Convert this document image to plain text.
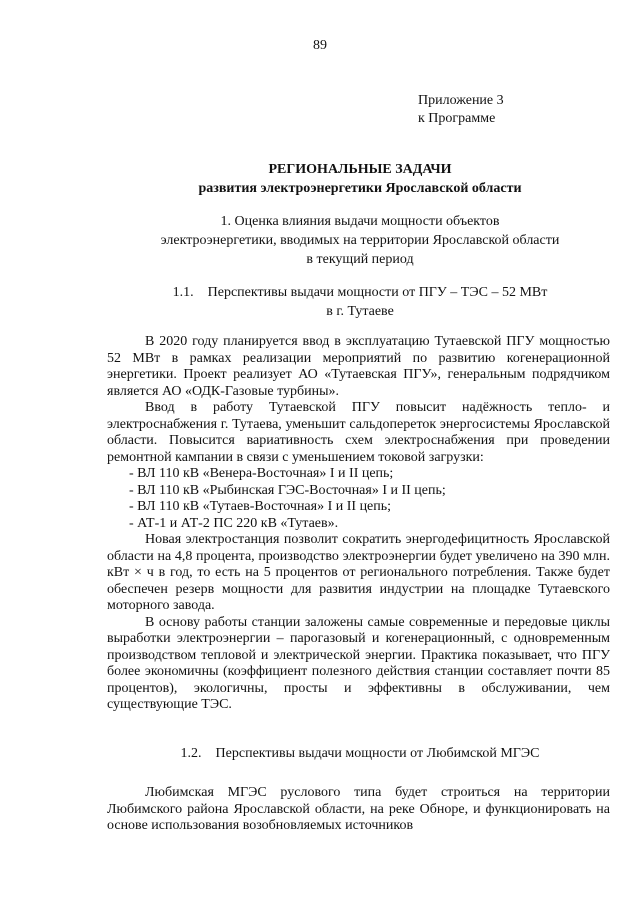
89
Приложение 3
к Программе
РЕГИОНАЛЬНЫЕ ЗАДАЧИ
развития электроэнергетики Ярославской области
1. Оценка влияния выдачи мощности объектов
электроэнергетики, вводимых на территории Ярославской области
в текущий период
1.1.    Перспективы выдачи мощности от ПГУ – ТЭС – 52 МВт
в г. Тутаеве

В 2020 году планируется ввод в эксплуатацию Тутаевской ПГУ мощностью 52 МВт в рамках реализации мероприятий по развитию когенерационной энергетики. Проект реализует АО «Тутаевская ПГУ», генеральным подрядчиком является АО «ОДК-Газовые турбины».

Ввод в работу Тутаевской ПГУ повысит надёжность тепло- и электроснабжения г. Тутаева, уменьшит сальдопереток энергосистемы Ярославской области. Повысится вариативность схем электроснабжения при проведении ремонтной кампании в связи с уменьшением токовой загрузки:

- ВЛ 110 кВ «Венера-Восточная» I и II цепь;

- ВЛ 110 кВ «Рыбинская ГЭС-Восточная» I и II цепь;

- ВЛ 110 кВ «Тутаев-Восточная» I и II цепь;

- АТ-1 и АТ-2 ПС 220 кВ «Тутаев».

Новая электростанция позволит сократить энергодефицитность Ярославской области на 4,8 процента, производство электроэнергии будет увеличено на 390 млн. кВт × ч в год, то есть на 5 процентов от регионального потребления. Также будет обеспечен резерв мощности для развития индустрии на площадке Тутаевского моторного завода.

В основу работы станции заложены самые современные и передовые циклы выработки электроэнергии – парогазовый и когенерационный, с одновременным производством тепловой и электрической энергии. Практика показывает, что ПГУ более экономичны (коэффициент полезного действия станции составляет почти 85 процентов), экологичны, просты и эффективны в обслуживании, чем существующие ТЭС.

1.2.    Перспективы выдачи мощности от Любимской МГЭС

Любимская МГЭС руслового типа будет строиться на территории Любимского района Ярославской области, на реке Обноре, и функционировать на основе использования возобновляемых источников
